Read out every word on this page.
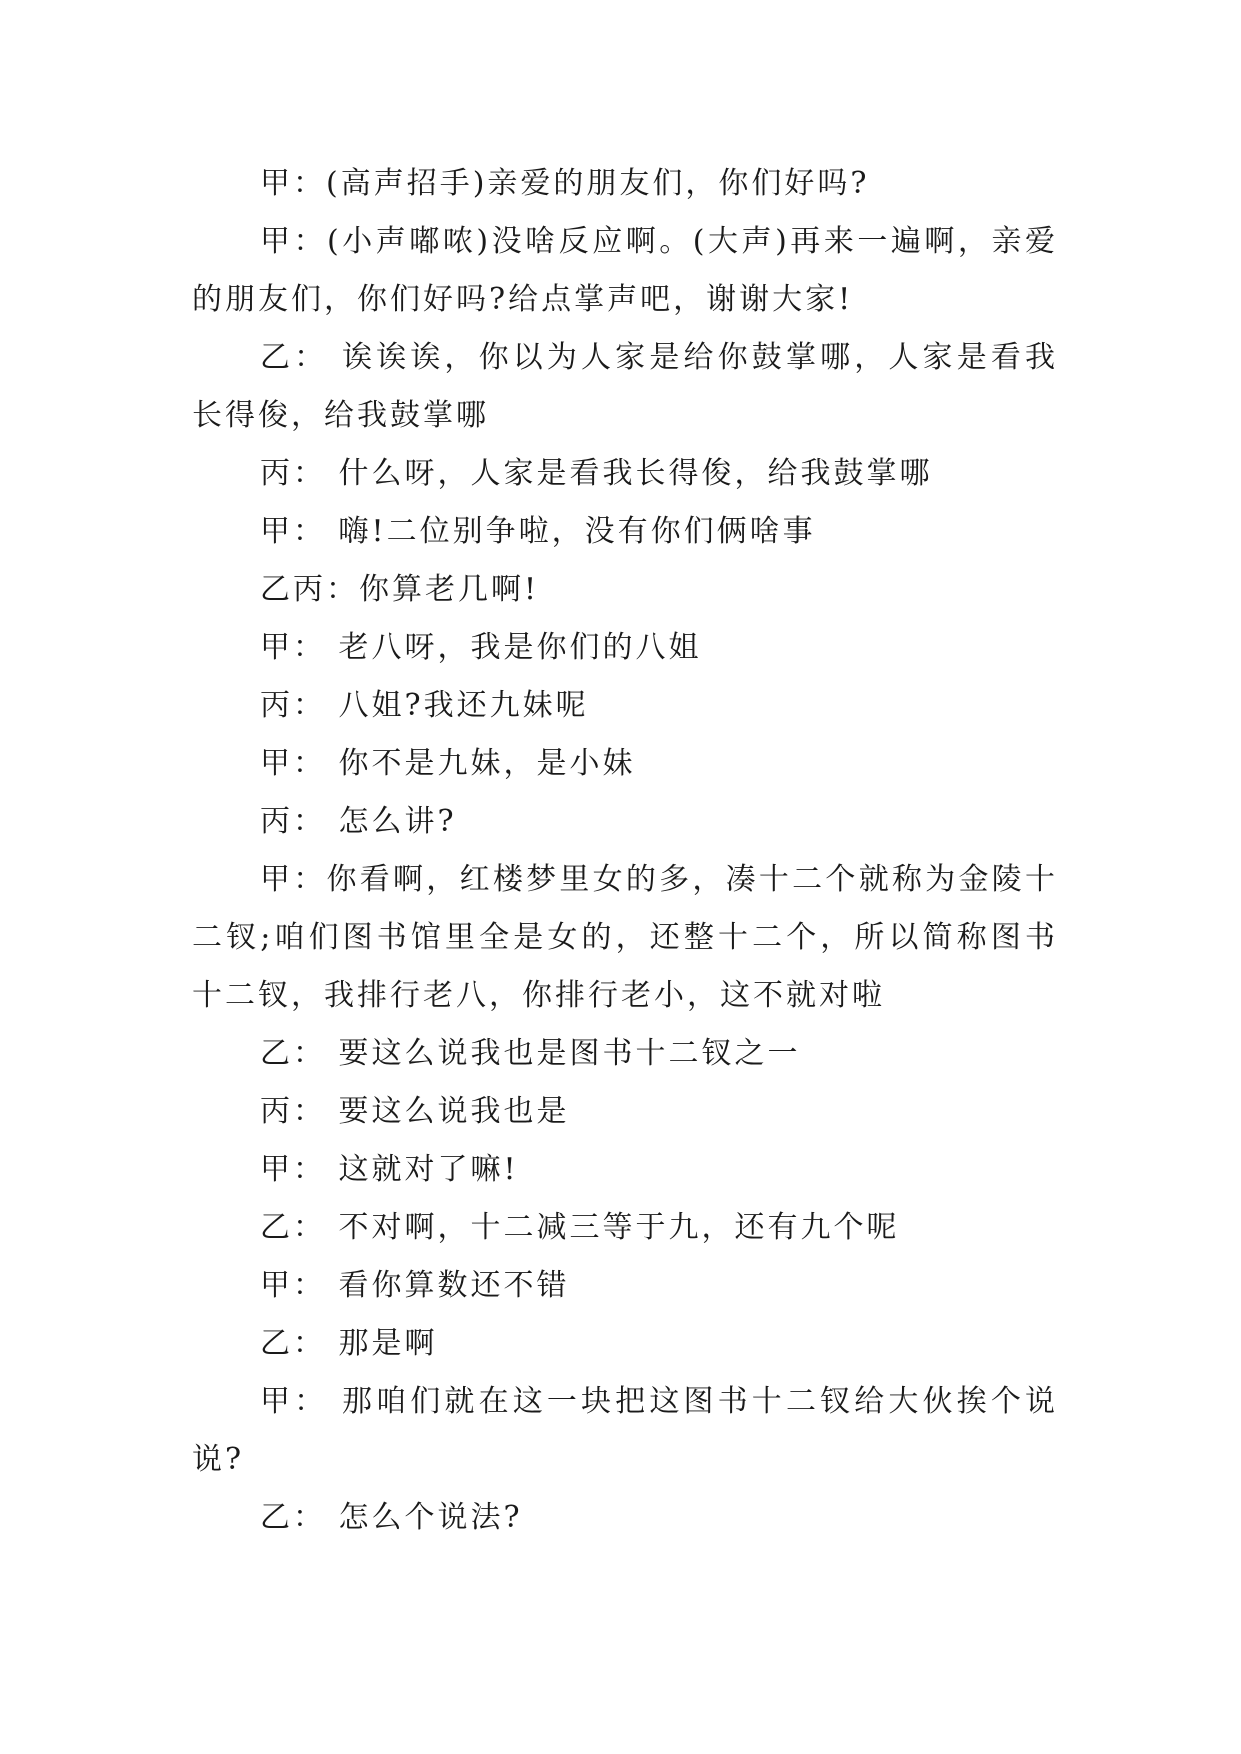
甲：(高声招手)亲爱的朋友们，你们好吗?

甲：(小声嘟哝)没啥反应啊。(大声)再来一遍啊，亲爱的朋友们，你们好吗?给点掌声吧，谢谢大家!

乙： 诶诶诶，你以为人家是给你鼓掌哪，人家是看我长得俊，给我鼓掌哪

丙： 什么呀，人家是看我长得俊，给我鼓掌哪

甲： 嗨!二位别争啦，没有你们俩啥事

乙丙：你算老几啊!

甲： 老八呀，我是你们的八姐

丙： 八姐?我还九妹呢

甲： 你不是九妹，是小妹

丙： 怎么讲?

甲：你看啊，红楼梦里女的多，凑十二个就称为金陵十二钗;咱们图书馆里全是女的，还整十二个，所以简称图书十二钗，我排行老八，你排行老小，这不就对啦

乙： 要这么说我也是图书十二钗之一

丙： 要这么说我也是

甲： 这就对了嘛!

乙： 不对啊，十二减三等于九，还有九个呢

甲： 看你算数还不错

乙： 那是啊

甲： 那咱们就在这一块把这图书十二钗给大伙挨个说说?

乙： 怎么个说法?
